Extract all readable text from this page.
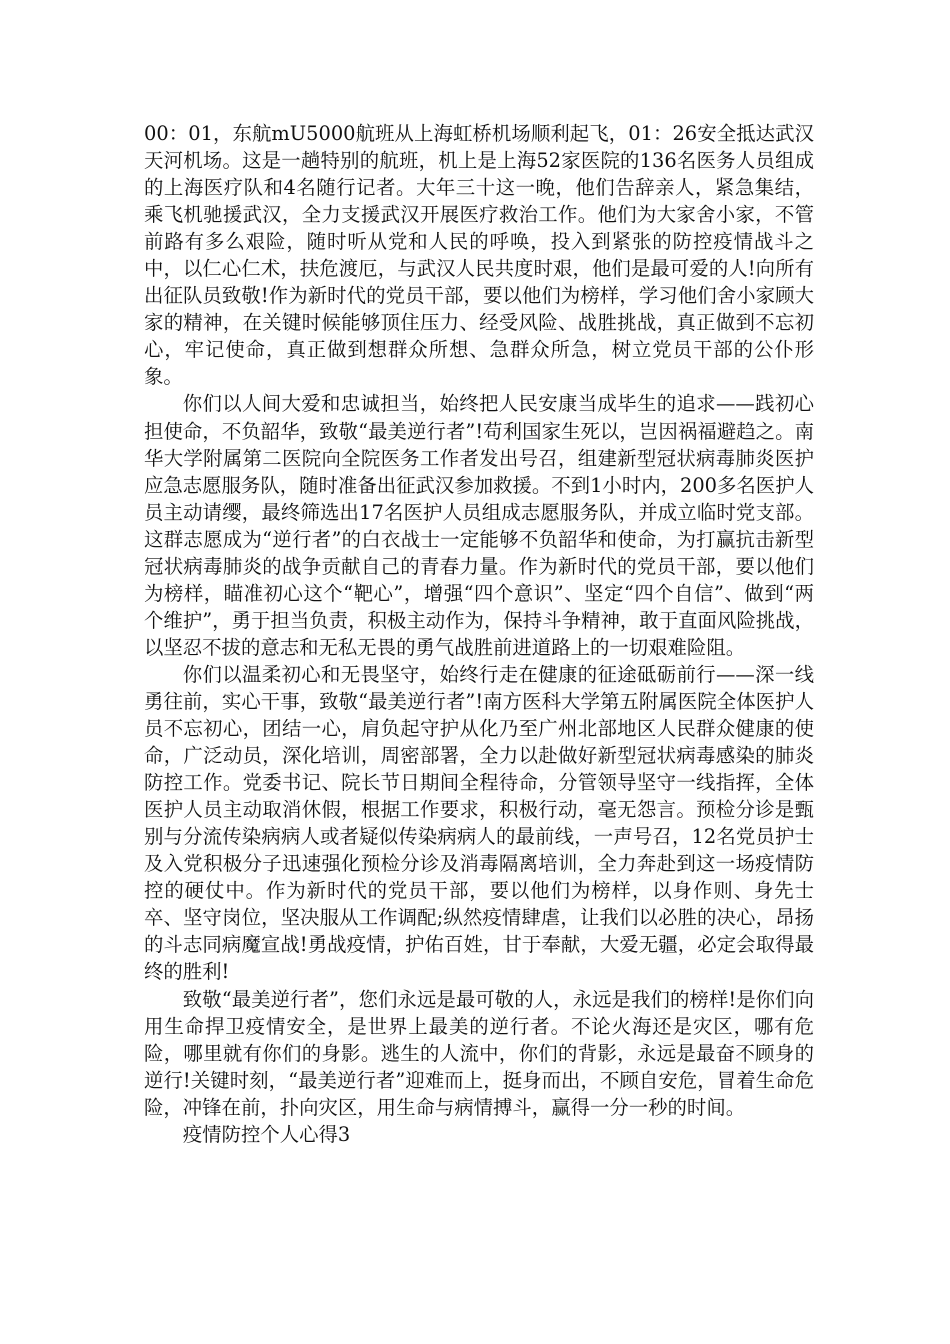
00：01，东航mU5000航班从上海虹桥机场顺利起飞，01：26安全抵达武汉天河机场。这是一趟特别的航班，机上是上海52家医院的136名医务人员组成的上海医疗队和4名随行记者。大年三十这一晚，他们告辞亲人，紧急集结，乘飞机驰援武汉，全力支援武汉开展医疗救治工作。他们为大家舍小家，不管前路有多么艰险，随时听从党和人民的呼唤，投入到紧张的防控疫情战斗之中，以仁心仁术，扶危渡厄，与武汉人民共度时艰，他们是最可爱的人!向所有出征队员致敬!作为新时代的党员干部，要以他们为榜样，学习他们舍小家顾大家的精神，在关键时候能够顶住压力、经受风险、战胜挑战，真正做到不忘初心，牢记使命，真正做到想群众所想、急群众所急，树立党员干部的公仆形象。

你们以人间大爱和忠诚担当，始终把人民安康当成毕生的追求——践初心担使命，不负韶华，致敬“最美逆行者”!苟利国家生死以，岂因祸福避趋之。南华大学附属第二医院向全院医务工作者发出号召，组建新型冠状病毒肺炎医护应急志愿服务队，随时准备出征武汉参加救援。不到1小时内，200多名医护人员主动请缨，最终筛选出17名医护人员组成志愿服务队，并成立临时党支部。这群志愿成为“逆行者”的白衣战士一定能够不负韶华和使命，为打赢抗击新型冠状病毒肺炎的战争贡献自己的青春力量。作为新时代的党员干部，要以他们为榜样，瞄准初心这个“靶心”，增强“四个意识”、坚定“四个自信”、做到“两个维护”，勇于担当负责，积极主动作为，保持斗争精神，敢于直面风险挑战，以坚忍不拔的意志和无私无畏的勇气战胜前进道路上的一切艰难险阻。

你们以温柔初心和无畏坚守，始终行走在健康的征途砥砺前行——深一线勇往前，实心干事，致敬“最美逆行者”!南方医科大学第五附属医院全体医护人员不忘初心，团结一心，肩负起守护从化乃至广州北部地区人民群众健康的使命，广泛动员，深化培训，周密部署，全力以赴做好新型冠状病毒感染的肺炎防控工作。党委书记、院长节日期间全程待命，分管领导坚守一线指挥，全体医护人员主动取消休假，根据工作要求，积极行动，毫无怨言。预检分诊是甄别与分流传染病病人或者疑似传染病病人的最前线，一声号召，12名党员护士及入党积极分子迅速强化预检分诊及消毒隔离培训，全力奔赴到这一场疫情防控的硬仗中。作为新时代的党员干部，要以他们为榜样，以身作则、身先士卒、坚守岗位，坚决服从工作调配;纵然疫情肆虐，让我们以必胜的决心，昂扬的斗志同病魔宣战!勇战疫情，护佑百姓，甘于奉献，大爱无疆，必定会取得最终的胜利!

致敬“最美逆行者”，您们永远是最可敬的人，永远是我们的榜样!是你们向用生命捍卫疫情安全，是世界上最美的逆行者。不论火海还是灾区，哪有危险，哪里就有你们的身影。逃生的人流中，你们的背影，永远是最奋不顾身的逆行!关键时刻，“最美逆行者”迎难而上，挺身而出，不顾自安危，冒着生命危险，冲锋在前，扑向灾区，用生命与病情搏斗，赢得一分一秒的时间。

疫情防控个人心得3
